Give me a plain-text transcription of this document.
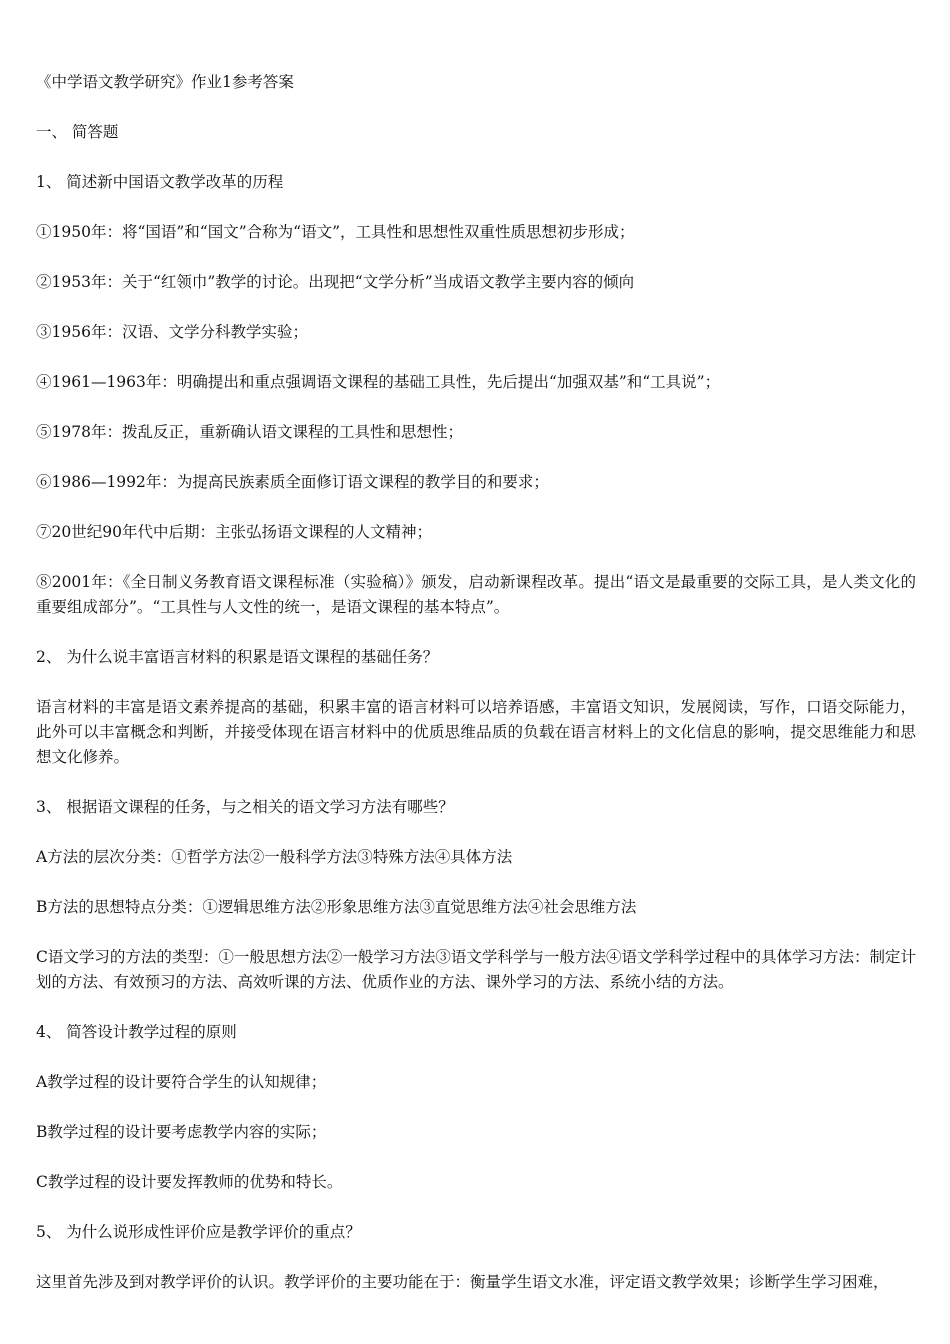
《中学语文教学研究》作业1参考答案

一、 简答题

1、 简述新中国语文教学改革的历程

①1950年：将“国语”和“国文”合称为“语文”，工具性和思想性双重性质思想初步形成；

②1953年：关于“红领巾”教学的讨论。出现把“文学分析”当成语文教学主要内容的倾向

③1956年：汉语、文学分科教学实验；

④1961—1963年：明确提出和重点强调语文课程的基础工具性，先后提出“加强双基”和“工具说”；

⑤1978年：拨乱反正，重新确认语文课程的工具性和思想性；

⑥1986—1992年：为提高民族素质全面修订语文课程的教学目的和要求；

⑦20世纪90年代中后期：主张弘扬语文课程的人文精神；

⑧2001年：《全日制义务教育语文课程标准（实验稿）》颁发，启动新课程改革。提出“语文是最重要的交际工具，是人类文化的重要组成部分”。“工具性与人文性的统一，是语文课程的基本特点”。

2、 为什么说丰富语言材料的积累是语文课程的基础任务？

语言材料的丰富是语文素养提高的基础，积累丰富的语言材料可以培养语感，丰富语文知识，发展阅读，写作，口语交际能力，此外可以丰富概念和判断，并接受体现在语言材料中的优质思维品质的负载在语言材料上的文化信息的影响，提交思维能力和思想文化修养。

3、 根据语文课程的任务，与之相关的语文学习方法有哪些？

A方法的层次分类：①哲学方法②一般科学方法③特殊方法④具体方法

B方法的思想特点分类：①逻辑思维方法②形象思维方法③直觉思维方法④社会思维方法

C语文学习的方法的类型：①一般思想方法②一般学习方法③语文学科学与一般方法④语文学科学过程中的具体学习方法：制定计划的方法、有效预习的方法、高效听课的方法、优质作业的方法、课外学习的方法、系统小结的方法。

4、 简答设计教学过程的原则

A教学过程的设计要符合学生的认知规律；

B教学过程的设计要考虑教学内容的实际；

C教学过程的设计要发挥教师的优势和特长。

5、 为什么说形成性评价应是教学评价的重点？

这里首先涉及到对教学评价的认识。教学评价的主要功能在于：衡量学生语文水准，评定语文教学效果；诊断学生学习困难，
